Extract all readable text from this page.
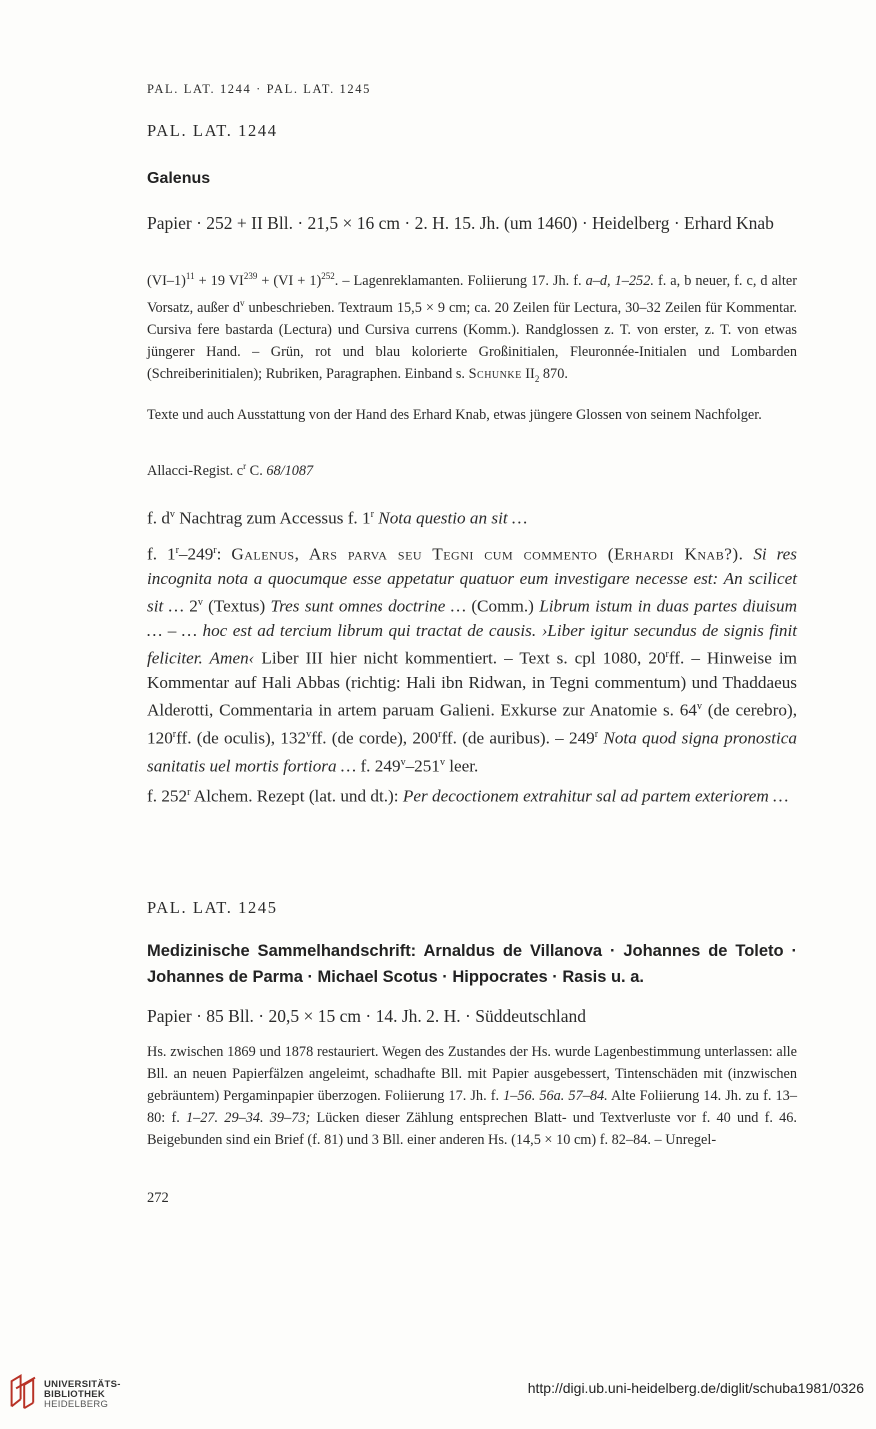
PAL. LAT. 1244 · PAL. LAT. 1245
PAL. LAT. 1244
Galenus
Papier · 252 + II Bll. · 21,5 × 16 cm · 2. H. 15. Jh. (um 1460) · Heidelberg · Erhard Knab
$(VI-1)^{11} + 19$ $VI^{239} + (VI + 1)^{252}$. – Lagenreklamanten. Foliierung 17. Jh. f. a–d, 1–252. f. a, b neuer, f. c, d alter Vorsatz, außer $d^v$ unbeschrieben. Textraum 15,5 × 9 cm; ca. 20 Zeilen für Lectura, 30–32 Zeilen für Kommentar. Cursiva fere bastarda (Lectura) und Cursiva currens (Komm.). Randglossen z. T. von erster, z. T. von etwas jüngerer Hand. – Grün, rot und blau kolorierte Großinitialen, Fleuronnée-Initialen und Lombarden (Schreiberinitialen); Rubriken, Paragraphen. Einband s. Schunke $II_2$ 870.
Texte und auch Ausstattung von der Hand des Erhard Knab, etwas jüngere Glossen von seinem Nachfolger.
Allacci-Regist. $c^r$ C. 68/1087
f. $d^v$ Nachtrag zum Accessus f. 1$^r$ Nota questio an sit …
f. 1$^r$–249$^r$: Galenus, Ars parva seu Tegni cum commento (Erhardi Knab?). Si res incognita nota a quocumque esse appetatur quatuor eum investigare necesse est: An scilicet sit … 2$^v$ (Textus) Tres sunt omnes doctrine … (Comm.) Librum istum in duas partes diuisum … – … hoc est ad tercium librum qui tractat de causis. ›Liber igitur secundus de signis finit feliciter. Amen‹ Liber III hier nicht kommentiert. – Text s. cpl 1080, 20$^r$ff. – Hinweise im Kommentar auf Hali Abbas (richtig: Hali ibn Ridwan, in Tegni commentum) und Thaddaeus Alderotti, Commentaria in artem paruam Galieni. Exkurse zur Anatomie s. 64$^v$ (de cerebro), 120$^r$ff. (de oculis), 132$^v$ff. (de corde), 200$^r$ff. (de auribus). – 249$^r$ Nota quod signa pronostica sanitatis uel mortis fortiora … f. 249$^v$–251$^v$ leer.
f. 252$^r$ Alchem. Rezept (lat. und dt.): Per decoctionem extrahitur sal ad partem exteriorem …
PAL. LAT. 1245
Medizinische Sammelhandschrift: Arnaldus de Villanova · Johannes de Toleto · Johannes de Parma · Michael Scotus · Hippocrates · Rasis u. a.
Papier · 85 Bll. · 20,5 × 15 cm · 14. Jh. 2. H. · Süddeutschland
Hs. zwischen 1869 und 1878 restauriert. Wegen des Zustandes der Hs. wurde Lagenbestimmung unterlassen: alle Bll. an neuen Papierfälzen angeleimt, schadhafte Bll. mit Papier ausgebessert, Tintenschäden mit (inzwischen gebräuntem) Pergaminpapier überzogen. Foliierung 17. Jh. f. 1–56. 56a. 57–84. Alte Foliierung 14. Jh. zu f. 13–80: f. 1–27. 29–34. 39–73; Lücken dieser Zählung entsprechen Blatt- und Textverluste vor f. 40 und f. 46. Beigebunden sind ein Brief (f. 81) und 3 Bll. einer anderen Hs. (14,5 × 10 cm) f. 82–84. – Unregel-
272
UNIVERSITÄTS-
BIBLIOTHEK
HEIDELBERG
http://digi.ub.uni-heidelberg.de/diglit/schuba1981/0326
